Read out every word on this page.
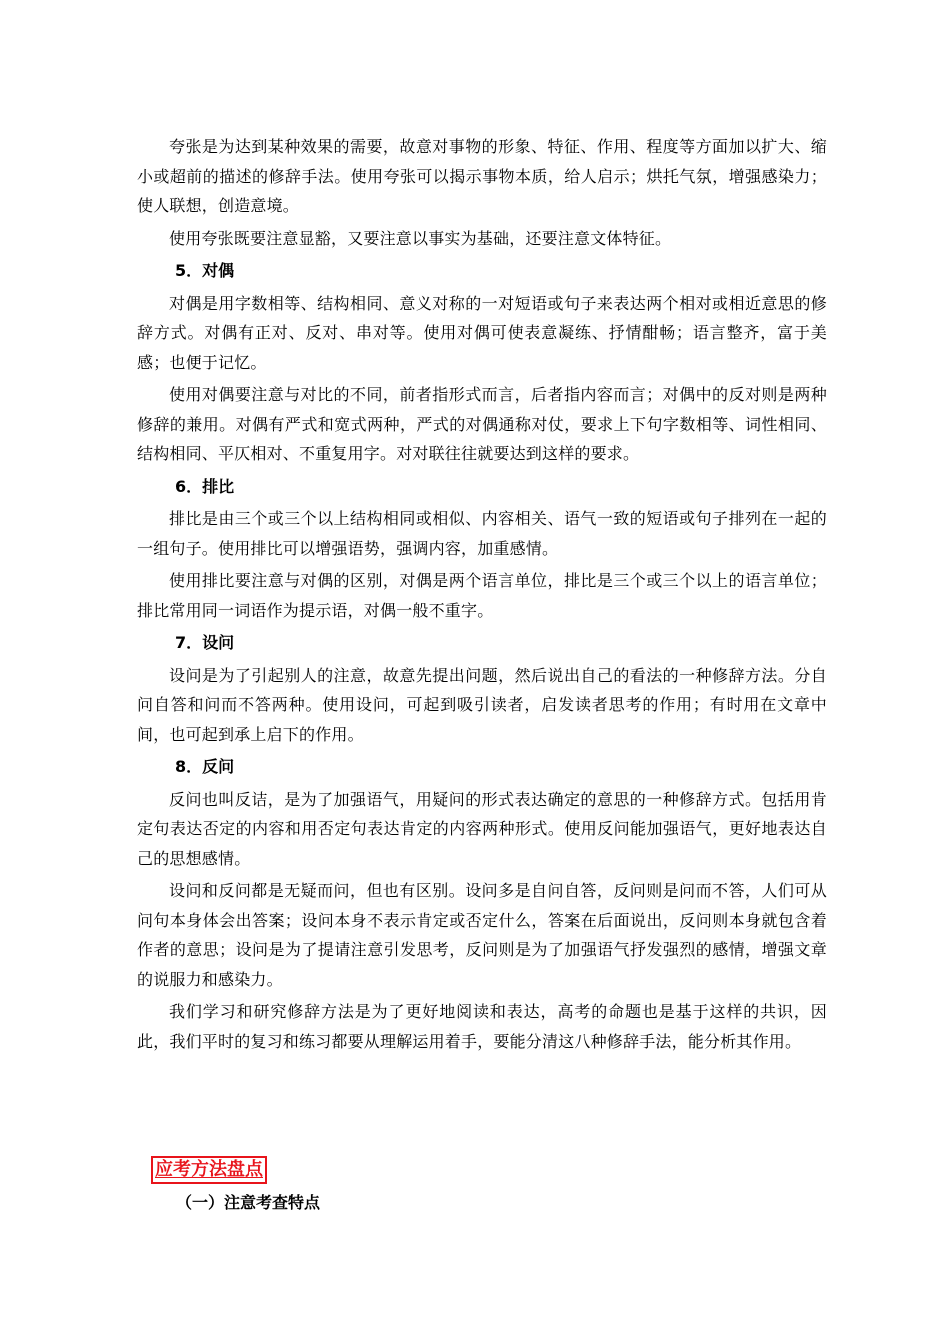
夸张是为达到某种效果的需要，故意对事物的形象、特征、作用、程度等方面加以扩大、缩小或超前的描述的修辞手法。使用夸张可以揭示事物本质，给人启示；烘托气氛，增强感染力；使人联想，创造意境。

使用夸张既要注意显豁，又要注意以事实为基础，还要注意文体特征。

5．对偶

对偶是用字数相等、结构相同、意义对称的一对短语或句子来表达两个相对或相近意思的修辞方式。对偶有正对、反对、串对等。使用对偶可使表意凝练、抒情酣畅；语言整齐，富于美感；也便于记忆。

使用对偶要注意与对比的不同，前者指形式而言，后者指内容而言；对偶中的反对则是两种修辞的兼用。对偶有严式和宽式两种，严式的对偶通称对仗，要求上下句字数相等、词性相同、结构相同、平仄相对、不重复用字。对对联往往就要达到这样的要求。

6．排比

排比是由三个或三个以上结构相同或相似、内容相关、语气一致的短语或句子排列在一起的一组句子。使用排比可以增强语势，强调内容，加重感情。

使用排比要注意与对偶的区别，对偶是两个语言单位，排比是三个或三个以上的语言单位；排比常用同一词语作为提示语，对偶一般不重字。

7．设问

设问是为了引起别人的注意，故意先提出问题，然后说出自己的看法的一种修辞方法。分自问自答和问而不答两种。使用设问，可起到吸引读者，启发读者思考的作用；有时用在文章中间，也可起到承上启下的作用。

8．反问

反问也叫反诘，是为了加强语气，用疑问的形式表达确定的意思的一种修辞方式。包括用肯定句表达否定的内容和用否定句表达肯定的内容两种形式。使用反问能加强语气，更好地表达自己的思想感情。

设问和反问都是无疑而问，但也有区别。设问多是自问自答，反问则是问而不答，人们可从问句本身体会出答案；设问本身不表示肯定或否定什么，答案在后面说出，反问则本身就包含着作者的意思；设问是为了提请注意引发思考，反问则是为了加强语气抒发强烈的感情，增强文章的说服力和感染力。

我们学习和研究修辞方法是为了更好地阅读和表达，高考的命题也是基于这样的共识，因此，我们平时的复习和练习都要从理解运用着手，要能分清这八种修辞手法，能分析其作用。

应考方法盘点
（一）注意考查特点
